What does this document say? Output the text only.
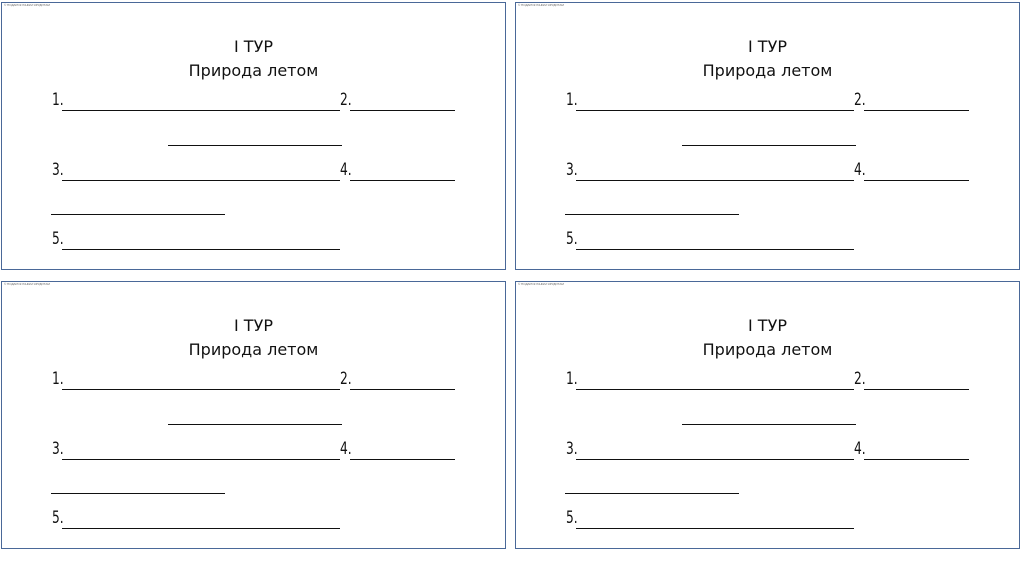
© ПОДАРОК ЮНЫМ ЭРУДИТАМ
І ТУР
Природа летом
1.	2.
3.	4.
5.
© ПОДАРОК ЮНЫМ ЭРУДИТАМ
І ТУР
Природа летом
1.	2.
3.	4.
5.
© ПОДАРОК ЮНЫМ ЭРУДИТАМ
І ТУР
Природа летом
1.	2.
3.	4.
5.
© ПОДАРОК ЮНЫМ ЭРУДИТАМ
І ТУР
Природа летом
1.	2.
3.	4.
5.
